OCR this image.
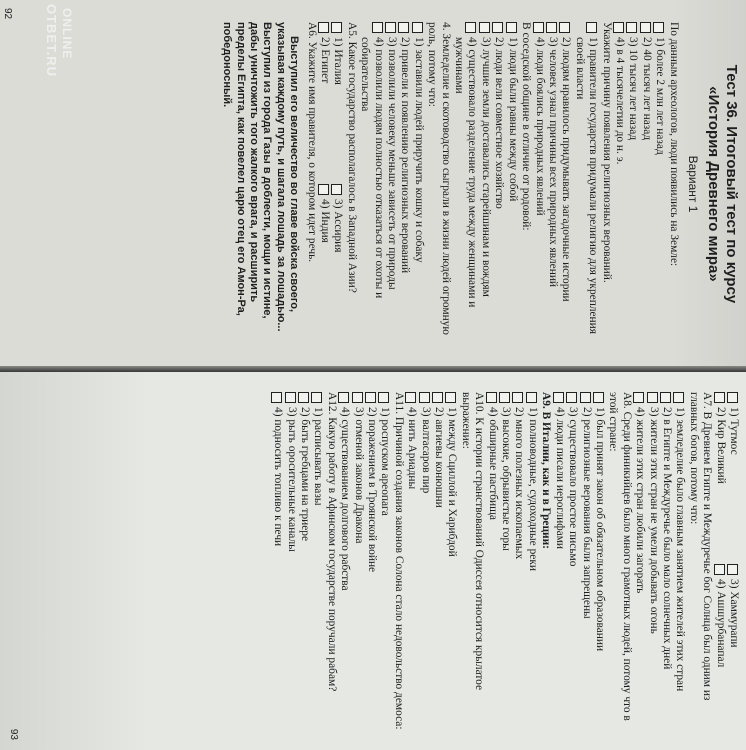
Тест 36. Итоговый тест по курсу
«История Древнего мира»
Вариант 1
По данным археологов, люди появились на Земле:
1) более 2 млн лет назад
2) 40 тысяч лет назад
3) 10 тысяч лет назад
4) в 4 тысячелетии до н. э.
Укажите причину появления религиозных верований.
1) правители государств придумали религию для укрепления своей власти
2) людям нравилось придумывать загадочные истории
3) человек узнал причины всех природных явлений
4) люди боялись природных явлений
В соседской общине в отличие от родовой:
1) люди были равны между собой
2) люди вели совместное хозяйство
3) лучшие земли доставались старейшинам и вождям
4) существовало разделение труда между женщинами и мужчинами
4. Земледелие и скотоводство сыграли в жизни людей огромную роль, потому что:
1) заставили людей приручить кошку и собаку
2) привели к появлению религиозных верований
3) позволили человеку меньше зависеть от природы
4) позволили людям полностью отказаться от охоты и собирательства
А5. Какое государство располагалось в Западной Азии?
1) Италия
3) Ассирия
2) Египет
4) Индия
А6. Укажите имя правителя, о котором идет речь.
Выступил его величество во главе войска своего, указывая каждому путь, и шагала лошадь за лошадью... Выступил из города Газы в доблести, мощи и истине, дабы уничтожить того жалкого врага, и расширить пределы Египта, как повелел царю отец его Амон-Ра, победоносный.
ONLINE
ОТВЕТ.RU
92
1) Тутмос
3) Хаммурапи
2) Кир Великий
4) Ашшурбанапал
А7. В Древнем Египте и Междуречье бог Солнца был одним из главных богов, потому что:
1) земледелие было главным занятием жителей этих стран
2) в Египте и Междуречье было мало солнечных дней
3) жители этих стран не умели добывать огонь
4) жители этих стран любили загорать
А8. Среди финикийцев было много грамотных людей, потому что в этой стране:
1) был принят закон об обязательном образовании
2) религиозные верования были запрещены
3) существовало простое письмо
4) люди писали иероглифами
А9. В Италии, как и в Греции:
1) полноводные, судоходные реки
2) много полезных ископаемых
3) высокие, обрывистые горы
4) обширные пастбища
А10. К истории странствований Одиссея относится крылатое выражение:
1) между Сциллой и Харибдой
2) авгиевы конюшни
3) валтасаров пир
4) нить Ариадны
А11. Причиной создания законов Солона стало недовольство демоса:
1) роспуском ареопага
2) поражением в Троянской войне
3) отменой законов Дракона
4) существованием долгового рабства
А12. Какую работу в Афинском государстве поручали рабам?
1) расписывать вазы
2) быть гребцами на триере
3) рыть оросительные каналы
4) подносить топливо к печи
93
